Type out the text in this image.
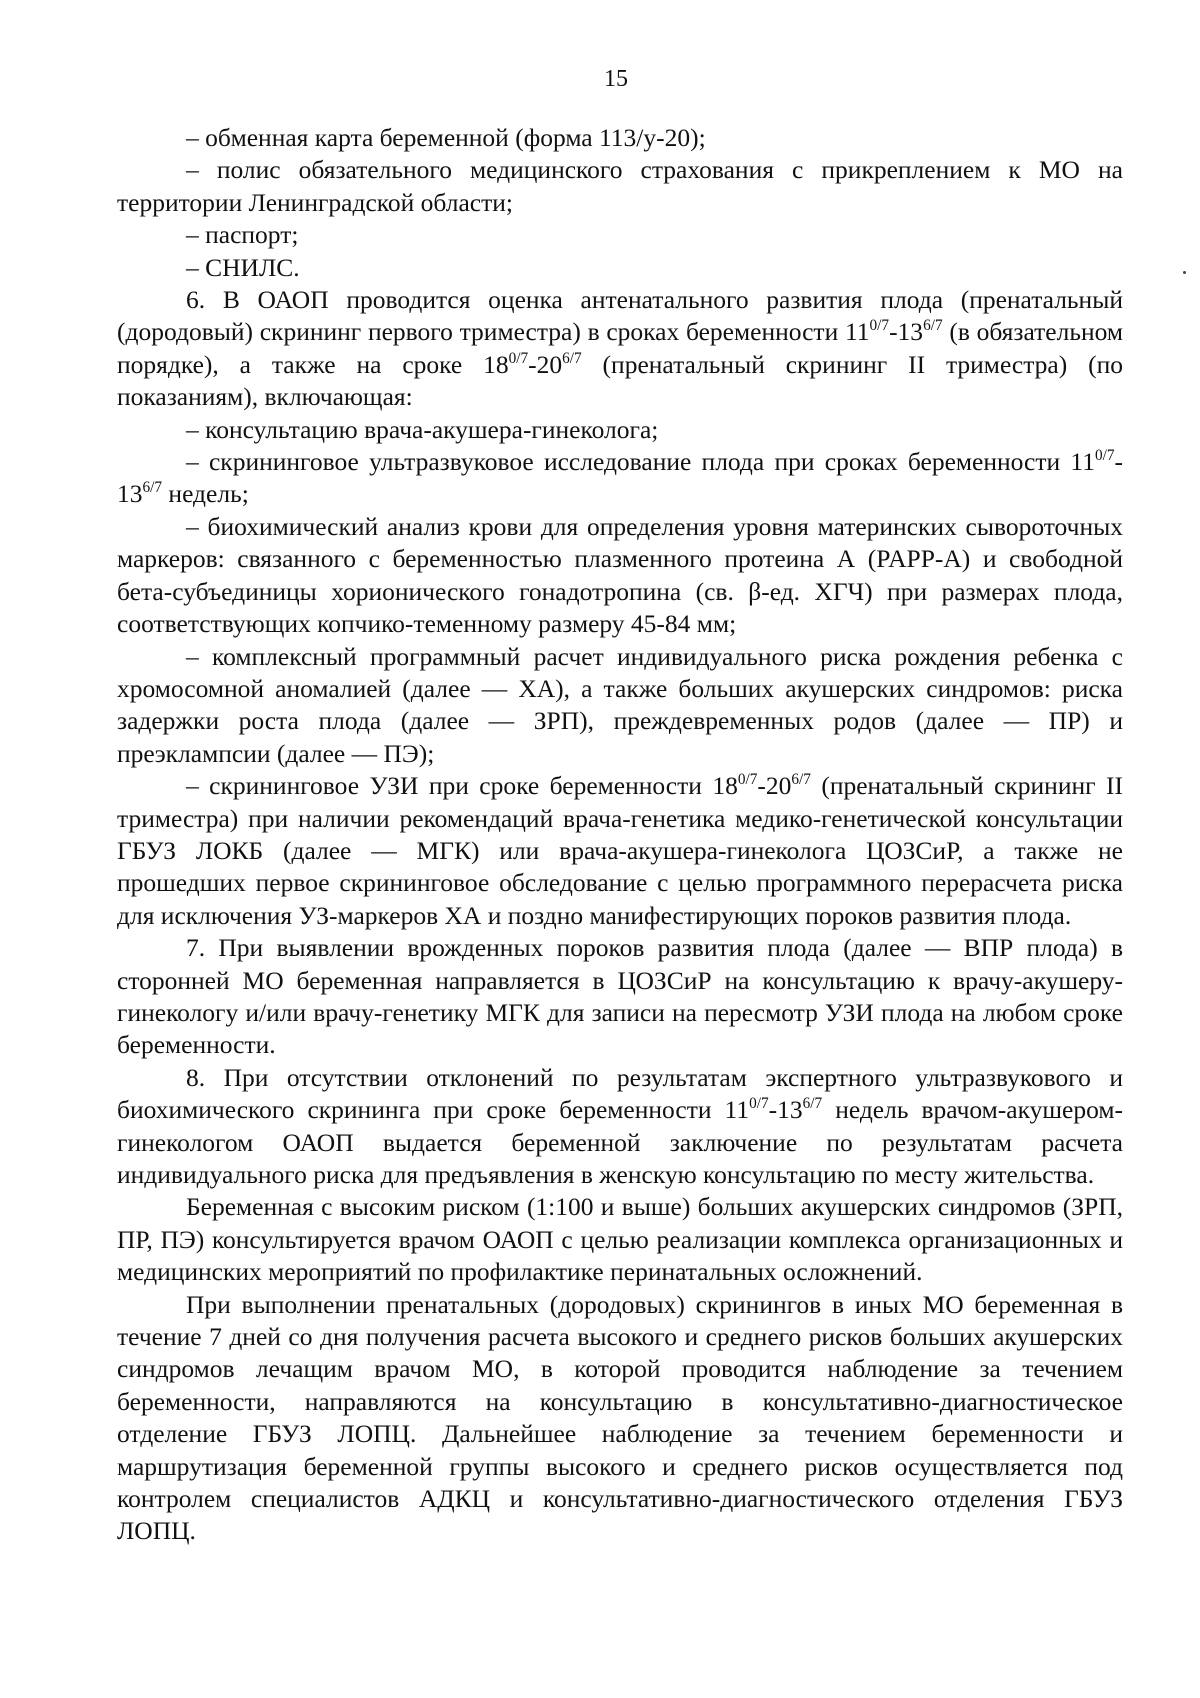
15

– обменная карта беременной (форма 113/у-20);

– полис обязательного медицинского страхования с прикреплением к МО на территории Ленинградской области;

– паспорт;

– СНИЛС.

6. В ОАОП проводится оценка антенатального развития плода (пренатальный (дородовый) скрининг первого триместра) в сроках беременности $11^{0/7}-13^{6/7}$ (в обязательном порядке), а также на сроке $18^{0/7}-20^{6/7}$ (пренатальный скрининг II триместра) (по показаниям), включающая:

– консультацию врача-акушера-гинеколога;

– скрининговое ультразвуковое исследование плода при сроках беременности $11^{0/7}-13^{6/7}$ недель;

– биохимический анализ крови для определения уровня материнских сывороточных маркеров: связанного с беременностью плазменного протеина А (PAPP-A) и свободной бета-субъединицы хорионического гонадотропина (св. β-ед. ХГЧ) при размерах плода, соответствующих копчико-теменному размеру 45-84 мм;

– комплексный программный расчет индивидуального риска рождения ребенка с хромосомной аномалией (далее — ХА), а также больших акушерских синдромов: риска задержки роста плода (далее — ЗРП), преждевременных родов (далее — ПР) и преэклампсии (далее — ПЭ);

– скрининговое УЗИ при сроке беременности $18^{0/7}-20^{6/7}$ (пренатальный скрининг II триместра) при наличии рекомендаций врача-генетика медико-генетической консультации ГБУЗ ЛОКБ (далее — МГК) или врача-акушера-гинеколога ЦОЗСиР, а также не прошедших первое скрининговое обследование с целью программного перерасчета риска для исключения УЗ-маркеров ХА и поздно манифестирующих пороков развития плода.

7. При выявлении врожденных пороков развития плода (далее — ВПР плода) в сторонней МО беременная направляется в ЦОЗСиР на консультацию к врачу-акушеру-гинекологу и/или врачу-генетику МГК для записи на пересмотр УЗИ плода на любом сроке беременности.

8. При отсутствии отклонений по результатам экспертного ультразвукового и биохимического скрининга при сроке беременности $11^{0/7}-13^{6/7}$ недель врачом-акушером-гинекологом ОАОП выдается беременной заключение по результатам расчета индивидуального риска для предъявления в женскую консультацию по месту жительства.

Беременная с высоким риском (1:100 и выше) больших акушерских синдромов (ЗРП, ПР, ПЭ) консультируется врачом ОАОП с целью реализации комплекса организационных и медицинских мероприятий по профилактике перинатальных осложнений.

При выполнении пренатальных (дородовых) скринингов в иных МО беременная в течение 7 дней со дня получения расчета высокого и среднего рисков больших акушерских синдромов лечащим врачом МО, в которой проводится наблюдение за течением беременности, направляются на консультацию в консультативно-диагностическое отделение ГБУЗ ЛОПЦ. Дальнейшее наблюдение за течением беременности и маршрутизация беременной группы высокого и среднего рисков осуществляется под контролем специалистов АДКЦ и консультативно-диагностического отделения ГБУЗ ЛОПЦ.
